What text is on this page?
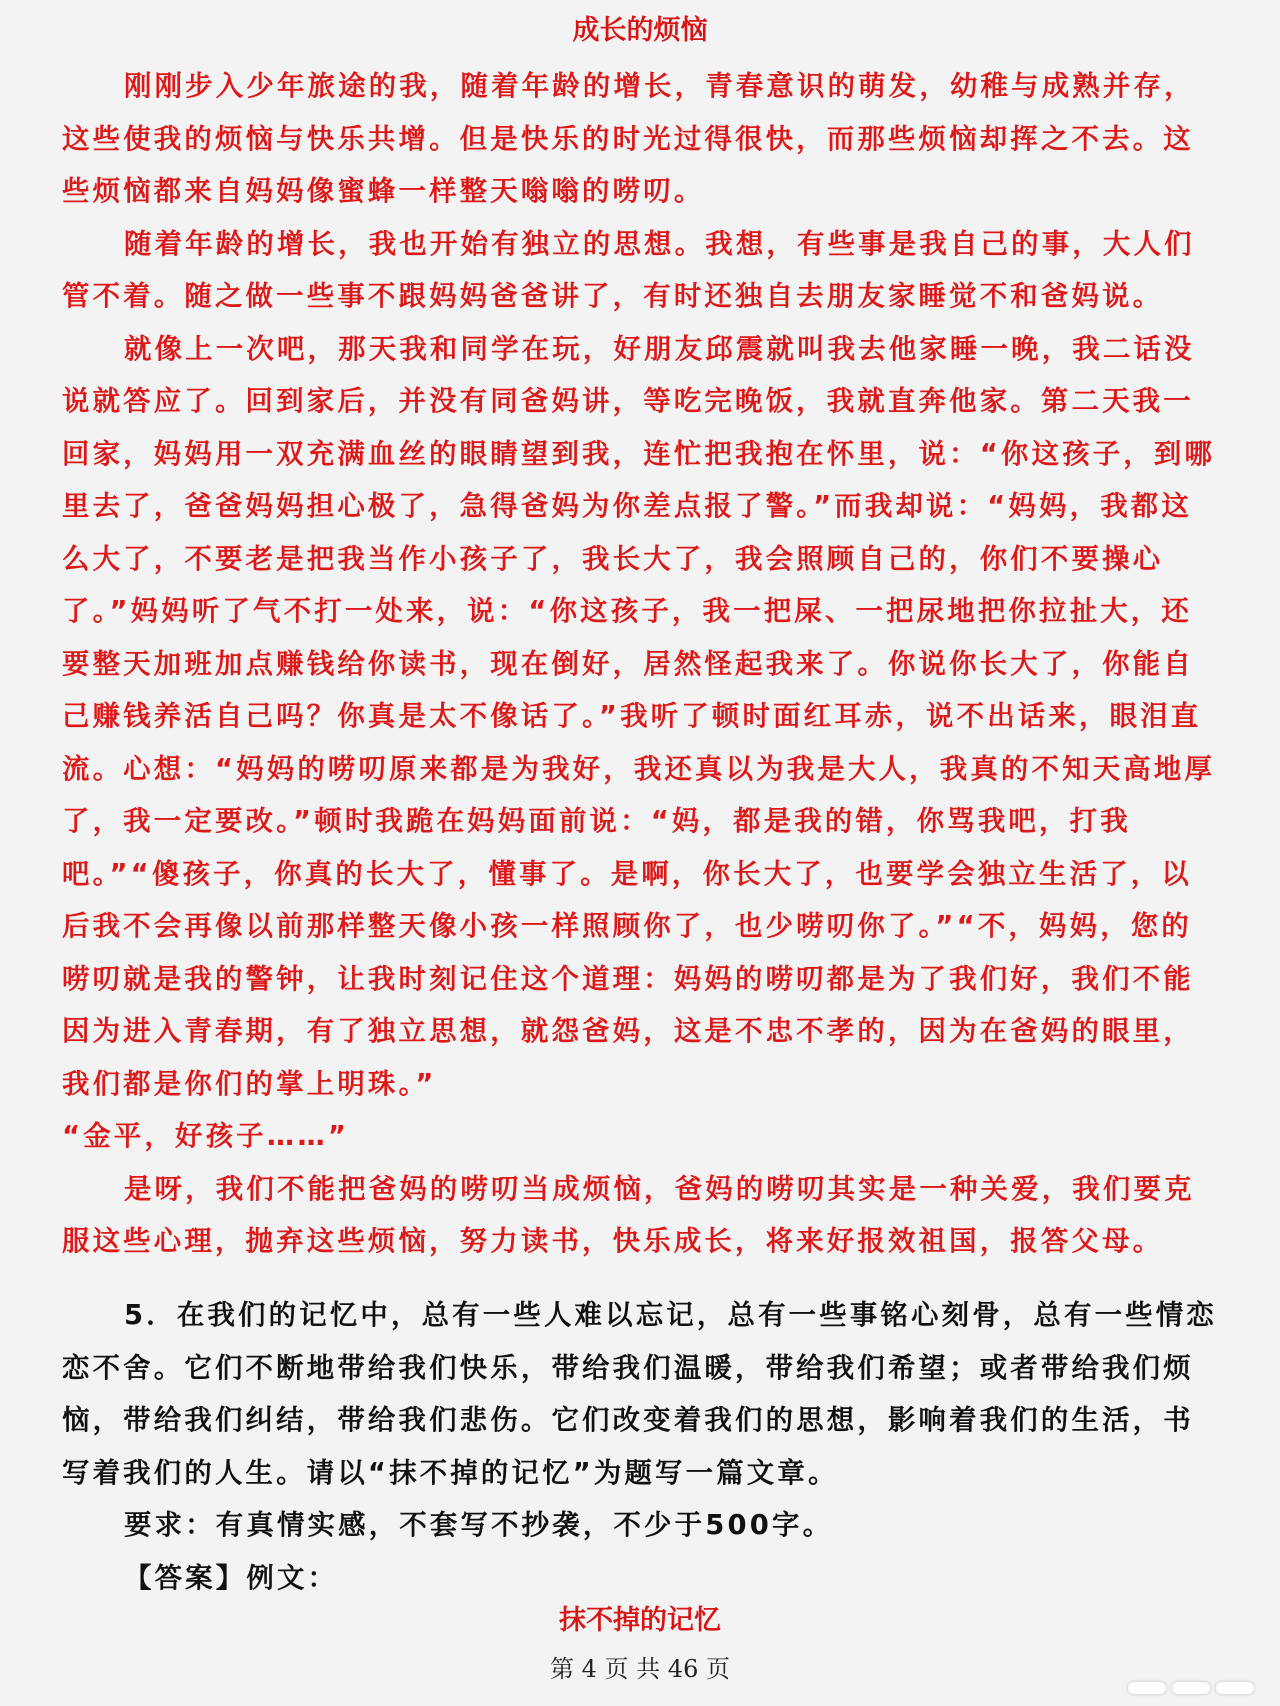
成长的烦恼

刚刚步入少年旅途的我，随着年龄的增长，青春意识的萌发，幼稚与成熟并存，这些使我的烦恼与快乐共增。但是快乐的时光过得很快，而那些烦恼却挥之不去。这些烦恼都来自妈妈像蜜蜂一样整天嗡嗡的唠叨。

随着年龄的增长，我也开始有独立的思想。我想，有些事是我自己的事，大人们管不着。随之做一些事不跟妈妈爸爸讲了，有时还独自去朋友家睡觉不和爸妈说。

就像上一次吧，那天我和同学在玩，好朋友邱震就叫我去他家睡一晚，我二话没说就答应了。回到家后，并没有同爸妈讲，等吃完晚饭，我就直奔他家。第二天我一回家，妈妈用一双充满血丝的眼睛望到我，连忙把我抱在怀里，说：“你这孩子，到哪里去了，爸爸妈妈担心极了，急得爸妈为你差点报了警。”而我却说：“妈妈，我都这么大了，不要老是把我当作小孩子了，我长大了，我会照顾自己的，你们不要操心了。”妈妈听了气不打一处来，说：“你这孩子，我一把屎、一把尿地把你拉扯大，还要整天加班加点赚钱给你读书，现在倒好，居然怪起我来了。你说你长大了，你能自己赚钱养活自己吗？你真是太不像话了。”我听了顿时面红耳赤，说不出话来，眼泪直流。心想：“妈妈的唠叨原来都是为我好，我还真以为我是大人，我真的不知天高地厚了，我一定要改。”顿时我跪在妈妈面前说：“妈，都是我的错，你骂我吧，打我吧。”“傻孩子，你真的长大了，懂事了。是啊，你长大了，也要学会独立生活了，以后我不会再像以前那样整天像小孩一样照顾你了，也少唠叨你了。”“不，妈妈，您的唠叨就是我的警钟，让我时刻记住这个道理：妈妈的唠叨都是为了我们好，我们不能因为进入青春期，有了独立思想，就怨爸妈，这是不忠不孝的，因为在爸妈的眼里，我们都是你们的掌上明珠。”

“金平，好孩子……”

是呀，我们不能把爸妈的唠叨当成烦恼，爸妈的唠叨其实是一种关爱，我们要克服这些心理，抛弃这些烦恼，努力读书，快乐成长，将来好报效祖国，报答父母。

5．在我们的记忆中，总有一些人难以忘记，总有一些事铭心刻骨，总有一些情恋恋不舍。它们不断地带给我们快乐，带给我们温暖，带给我们希望；或者带给我们烦恼，带给我们纠结，带给我们悲伤。它们改变着我们的思想，影响着我们的生活，书写着我们的人生。请以“抹不掉的记忆”为题写一篇文章。

要求：有真情实感，不套写不抄袭，不少于500字。

【答案】例文：

抹不掉的记忆

第 4 页 共 46 页
